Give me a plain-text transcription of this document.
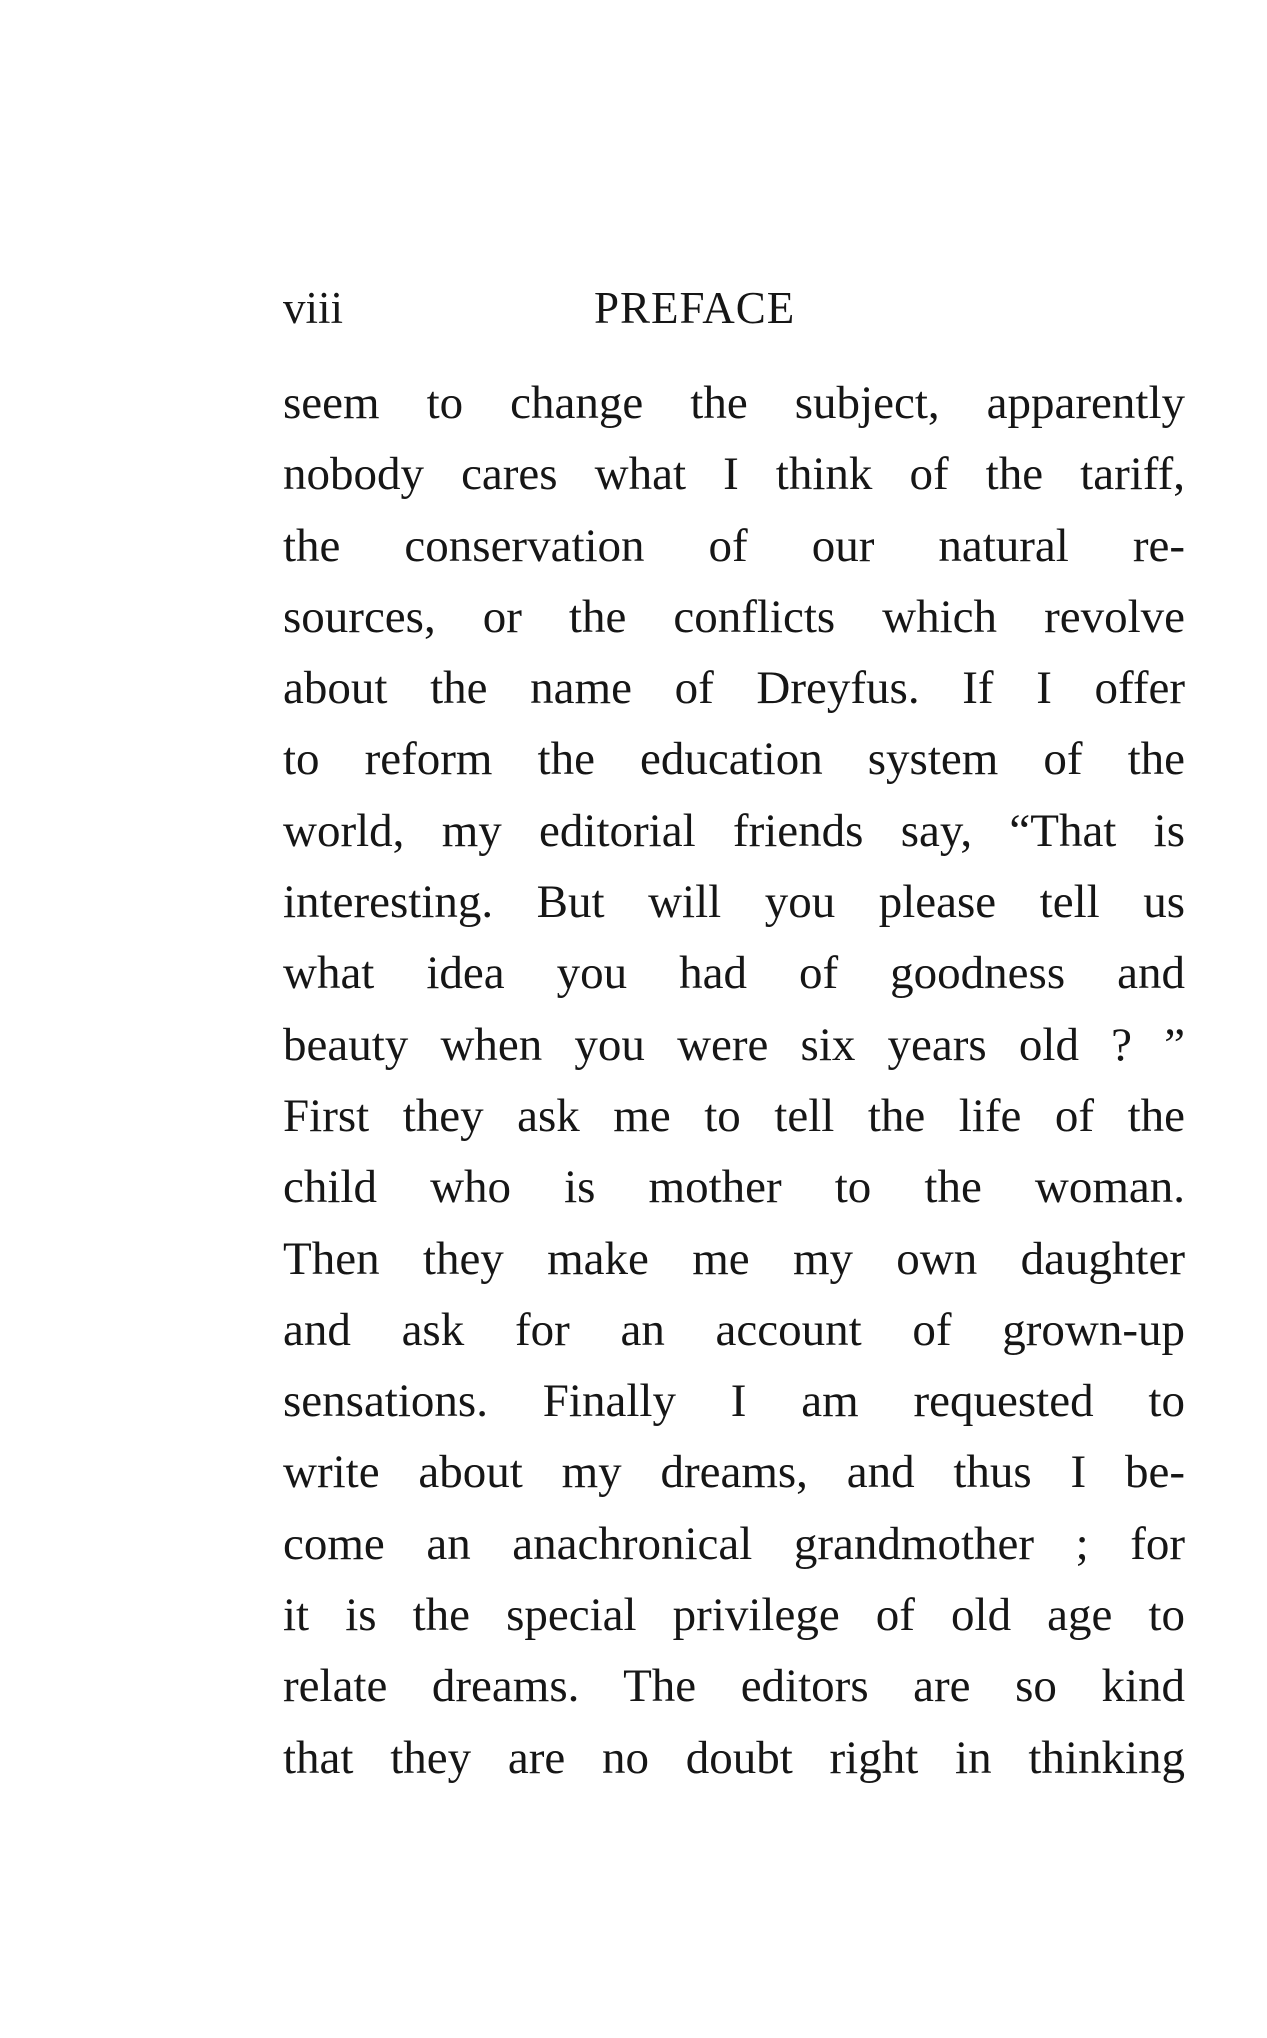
viii	PREFACE
seem to change the subject, apparently
nobody cares what I think of the tariff,
the conservation of our natural re-
sources, or the conflicts which revolve
about the name of Dreyfus. If I offer
to reform the education system of the
world, my editorial friends say, “That is
interesting. But will you please tell us
what idea you had of goodness and
beauty when you were six years old ? ”
First they ask me to tell the life of the
child who is mother to the woman.
Then they make me my own daughter
and ask for an account of grown-up
sensations. Finally I am requested to
write about my dreams, and thus I be-
come an anachronical grandmother ; for
it is the special privilege of old age to
relate dreams. The editors are so kind
that they are no doubt right in thinking
